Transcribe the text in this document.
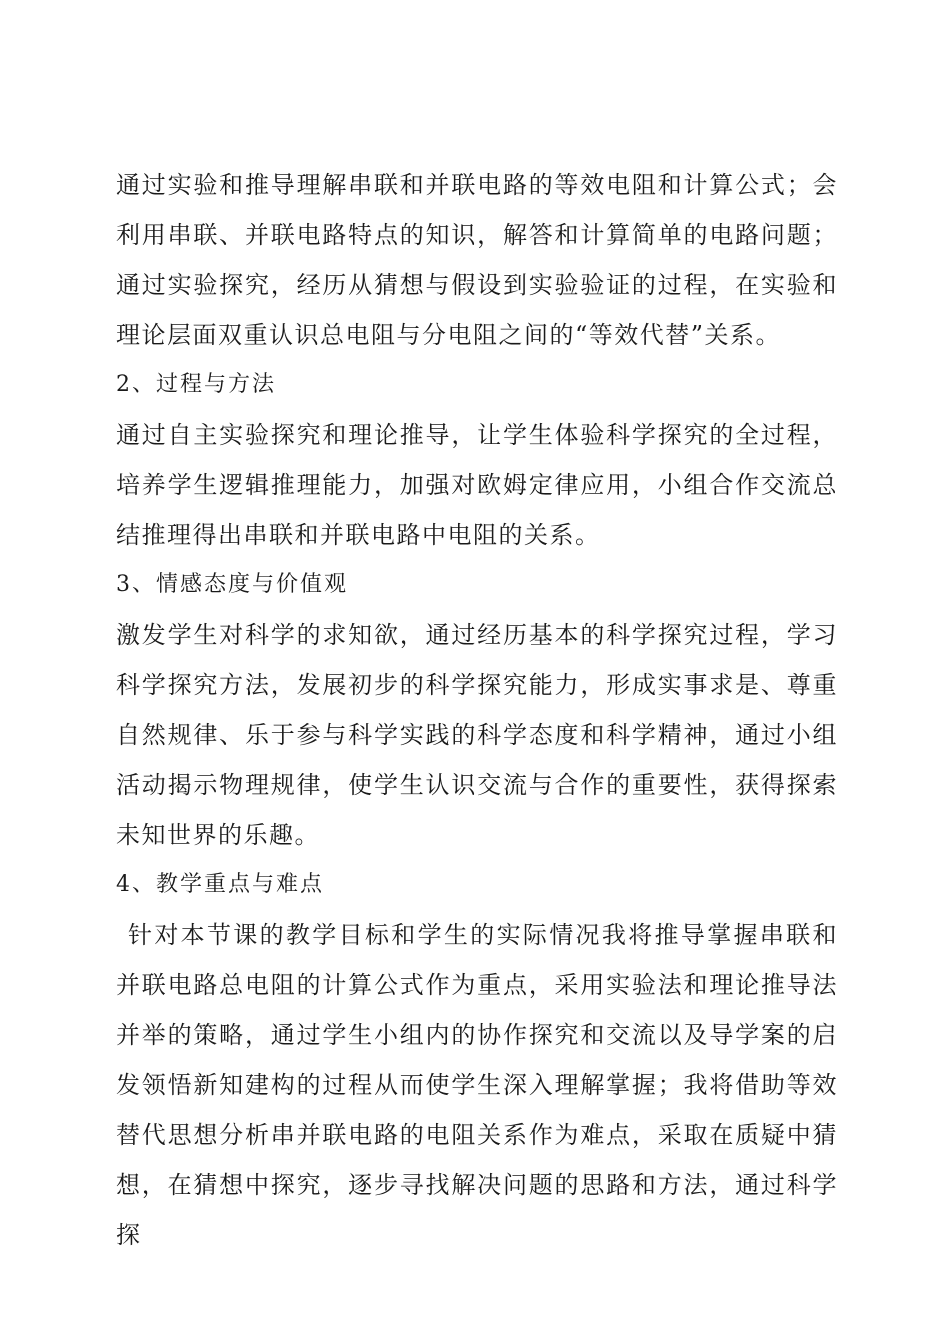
通过实验和推导理解串联和并联电路的等效电阻和计算公式；会利用串联、并联电路特点的知识，解答和计算简单的电路问题；通过实验探究，经历从猜想与假设到实验验证的过程，在实验和理论层面双重认识总电阻与分电阻之间的“等效代替”关系。

2、过程与方法

通过自主实验探究和理论推导，让学生体验科学探究的全过程，培养学生逻辑推理能力，加强对欧姆定律应用，小组合作交流总结推理得出串联和并联电路中电阻的关系。

3、情感态度与价值观

激发学生对科学的求知欲，通过经历基本的科学探究过程，学习科学探究方法，发展初步的科学探究能力，形成实事求是、尊重自然规律、乐于参与科学实践的科学态度和科学精神，通过小组活动揭示物理规律，使学生认识交流与合作的重要性，获得探索未知世界的乐趣。

4、教学重点与难点

针对本节课的教学目标和学生的实际情况我将推导掌握串联和并联电路总电阻的计算公式作为重点，采用实验法和理论推导法并举的策略，通过学生小组内的协作探究和交流以及导学案的启发领悟新知建构的过程从而使学生深入理解掌握；我将借助等效替代思想分析串并联电路的电阻关系作为难点，采取在质疑中猜想，在猜想中探究，逐步寻找解决问题的思路和方法，通过科学探
